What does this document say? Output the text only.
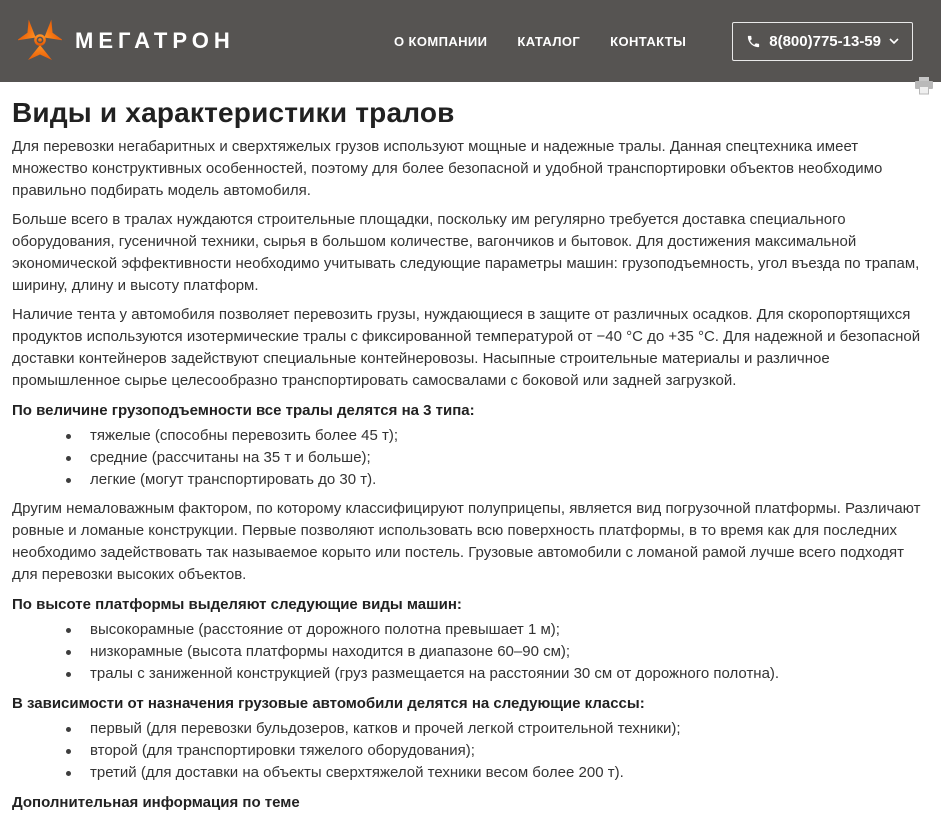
МЕГАТРОН	О КОМПАНИИ КАТАЛОГ КОНТАКТЫ	8(800)775-13-59
Виды и характеристики тралов

Для перевозки негабаритных и сверхтяжелых грузов используют мощные и надежные тралы. Данная спецтехника имеет множество конструктивных особенностей, поэтому для более безопасной и удобной транспортировки объектов необходимо правильно подбирать модель автомобиля.

Больше всего в тралах нуждаются строительные площадки, поскольку им регулярно требуется доставка специального оборудования, гусеничной техники, сырья в большом количестве, вагончиков и бытовок. Для достижения максимальной экономической эффективности необходимо учитывать следующие параметры машин: грузоподъемность, угол въезда по трапам, ширину, длину и высоту платформ.

Наличие тента у автомобиля позволяет перевозить грузы, нуждающиеся в защите от различных осадков. Для скоропортящихся продуктов используются изотермические тралы с фиксированной температурой от −40 °С до +35 °С. Для надежной и безопасной доставки контейнеров задействуют специальные контейнеровозы. Насыпные строительные материалы и различное промышленное сырье целесообразно транспортировать самосвалами с боковой или задней загрузкой.

По величине грузоподъемности все тралы делятся на 3 типа:
тяжелые (способны перевозить более 45 т);
средние (рассчитаны на 35 т и больше);
легкие (могут транспортировать до 30 т).

Другим немаловажным фактором, по которому классифицируют полуприцепы, является вид погрузочной платформы. Различают ровные и ломаные конструкции. Первые позволяют использовать всю поверхность платформы, в то время как для последних необходимо задействовать так называемое корыто или постель. Грузовые автомобили с ломаной рамой лучше всего подходят для перевозки высоких объектов.

По высоте платформы выделяют следующие виды машин:
высокорамные (расстояние от дорожного полотна превышает 1 м);
низкорамные (высота платформы находится в диапазоне 60–90 см);
тралы с заниженной конструкцией (груз размещается на расстоянии 30 см от дорожного полотна).
В зависимости от назначения грузовые автомобили делятся на следующие классы:
первый (для перевозки бульдозеров, катков и прочей легкой строительной техники);
второй (для транспортировки тяжелого оборудования);
третий (для доставки на объекты сверхтяжелой техники весом более 200 т).
Дополнительная информация по теме
